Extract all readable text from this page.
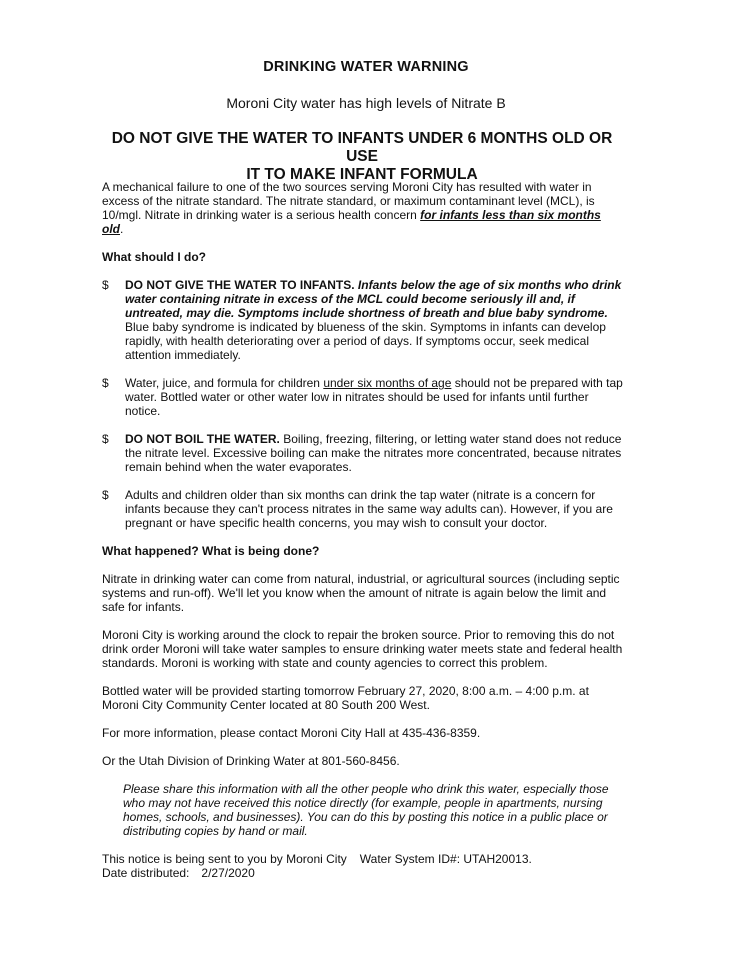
DRINKING WATER WARNING
Moroni City water has high levels of Nitrate B
DO NOT GIVE THE WATER TO INFANTS UNDER 6 MONTHS OLD OR USE
IT TO MAKE INFANT FORMULA

A mechanical failure to one of the two sources serving Moroni City has resulted with water in excess of the nitrate standard. The nitrate standard, or maximum contaminant level (MCL), is 10/mgl. Nitrate in drinking water is a serious health concern for infants less than six months old.

What should I do?

$	DO NOT GIVE THE WATER TO INFANTS. Infants below the age of six months who drink water containing nitrate in excess of the MCL could become seriously ill and, if untreated, may die. Symptoms include shortness of breath and blue baby syndrome. Blue baby syndrome is indicated by blueness of the skin. Symptoms in infants can develop rapidly, with health deteriorating over a period of days. If symptoms occur, seek medical attention immediately.
$	Water, juice, and formula for children under six months of age should not be prepared with tap water. Bottled water or other water low in nitrates should be used for infants until further notice.
$	DO NOT BOIL THE WATER. Boiling, freezing, filtering, or letting water stand does not reduce the nitrate level. Excessive boiling can make the nitrates more concentrated, because nitrates remain behind when the water evaporates.
$	Adults and children older than six months can drink the tap water (nitrate is a concern for infants because they can't process nitrates in the same way adults can). However, if you are pregnant or have specific health concerns, you may wish to consult your doctor.

What happened? What is being done?

Nitrate in drinking water can come from natural, industrial, or agricultural sources (including septic systems and run-off). We'll let you know when the amount of nitrate is again below the limit and safe for infants.

Moroni City is working around the clock to repair the broken source. Prior to removing this do not drink order Moroni will take water samples to ensure drinking water meets state and federal health standards. Moroni is working with state and county agencies to correct this problem.

Bottled water will be provided starting tomorrow February 27, 2020, 8:00 a.m. – 4:00 p.m. at Moroni City Community Center located at 80 South 200 West.

For more information, please contact Moroni City Hall at 435-436-8359.

Or the Utah Division of Drinking Water at 801-560-8456.

Please share this information with all the other people who drink this water, especially those who may not have received this notice directly (for example, people in apartments, nursing homes, schools, and businesses). You can do this by posting this notice in a public place or distributing copies by hand or mail.

This notice is being sent to you by Moroni City Water System ID#: UTAH20013.

Date distributed: 2/27/2020
